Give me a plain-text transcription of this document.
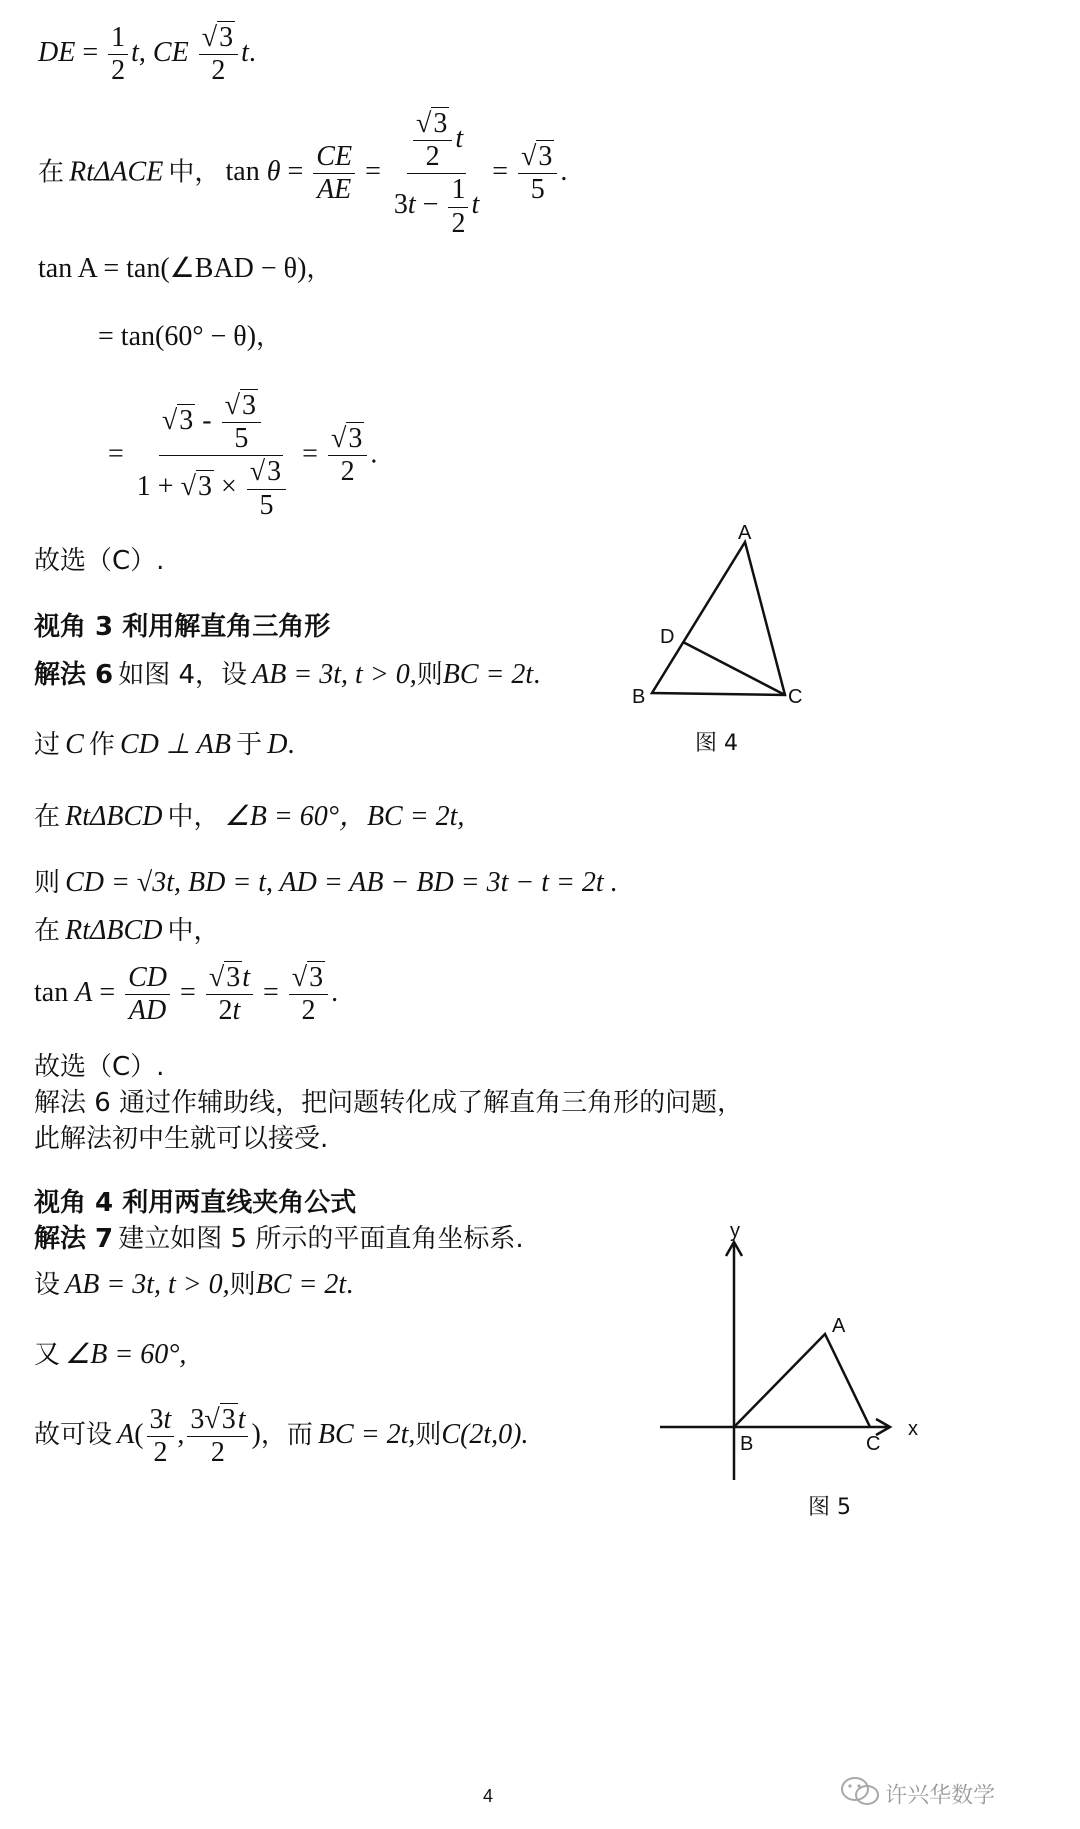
DE = $\frac{1}{2} t$, CE $\frac{√3}{2} t$.
在 RtΔACE 中， $\tan \theta = \frac{CE}{AE} = \frac{\frac{√3}{2} t}{3t - \frac{1}{2} t} = \frac{√3}{5}$ .
tan A = tan(∠BAD − θ)，
= tan(60° − θ)，
= $\frac{√3 - \frac{√3}{5}}{1 + √3 \times \frac{√3}{5}} = \frac{√3}{2}$ .
故选（C）.
视角 3 利用解直角三角形
解法 6 如图 4，设 AB = 3t, t > 0,则BC = 2t.
过 C 作 CD ⊥ AB 于 D.
在 RtΔBCD 中， ∠B = 60°，BC = 2t,
则 CD = √3t, BD = t, AD = AB − BD = 3t − t = 2t .
在 RtΔBCD 中，
$\tan A = \frac{CD}{AD} = \frac{√3t}{2t} = \frac{√3}{2}$ .
故选（C）.
解法 6 通过作辅助线，把问题转化成了解直角三角形的问题，
此解法初中生就可以接受.
视角 4 利用两直线夹角公式
解法 7 建立如图 5 所示的平面直角坐标系.
设 AB = 3t, t > 0,则BC = 2t.
又 ∠B = 60°,
故可设 $A( \frac{3t}{2}$ , $\frac{3√3t}{2}$ )，而 BC = 2t,则C(2t,0).
A
D
B	C
图 4
y
A
x
B	C
图 5
4	许兴华数学
